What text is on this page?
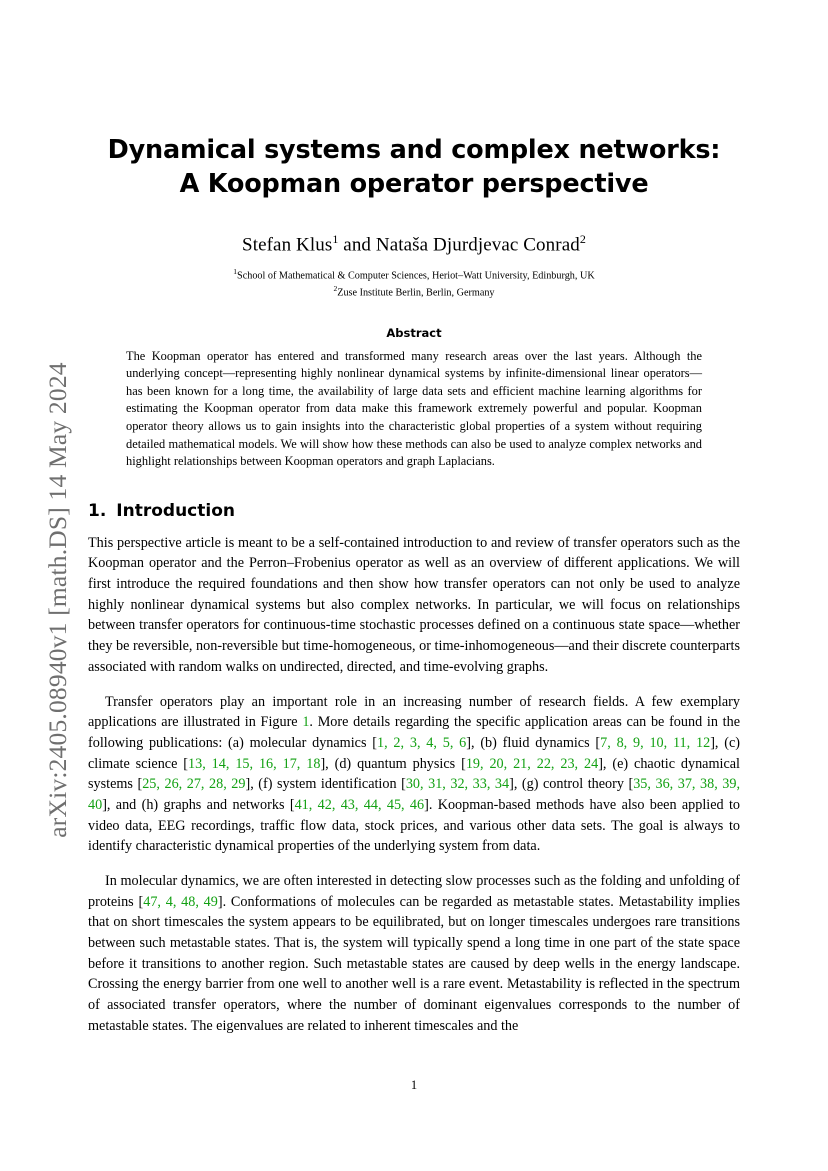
arXiv:2405.08940v1 [math.DS] 14 May 2024
Dynamical systems and complex networks:
A Koopman operator perspective
Stefan Klus$^1$ and Nataša Djurdjevac Conrad$^2$
$^1$School of Mathematical & Computer Sciences, Heriot–Watt University, Edinburgh, UK
$^2$Zuse Institute Berlin, Berlin, Germany
Abstract
The Koopman operator has entered and transformed many research areas over the last years. Although the underlying concept—representing highly nonlinear dynamical systems by infinite-dimensional linear operators—has been known for a long time, the availability of large data sets and efficient machine learning algorithms for estimating the Koopman operator from data make this framework extremely powerful and popular. Koopman operator theory allows us to gain insights into the characteristic global properties of a system without requiring detailed mathematical models. We will show how these methods can also be used to analyze complex networks and highlight relationships between Koopman operators and graph Laplacians.
1. Introduction

This perspective article is meant to be a self-contained introduction to and review of transfer operators such as the Koopman operator and the Perron–Frobenius operator as well as an overview of different applications. We will first introduce the required foundations and then show how transfer operators can not only be used to analyze highly nonlinear dynamical systems but also complex networks. In particular, we will focus on relationships between transfer operators for continuous-time stochastic processes defined on a continuous state space—whether they be reversible, non-reversible but time-homogeneous, or time-inhomogeneous—and their discrete counterparts associated with random walks on undirected, directed, and time-evolving graphs.

Transfer operators play an important role in an increasing number of research fields. A few exemplary applications are illustrated in Figure 1. More details regarding the specific application areas can be found in the following publications: (a) molecular dynamics [1, 2, 3, 4, 5, 6], (b) fluid dynamics [7, 8, 9, 10, 11, 12], (c) climate science [13, 14, 15, 16, 17, 18], (d) quantum physics [19, 20, 21, 22, 23, 24], (e) chaotic dynamical systems [25, 26, 27, 28, 29], (f) system identification [30, 31, 32, 33, 34], (g) control theory [35, 36, 37, 38, 39, 40], and (h) graphs and networks [41, 42, 43, 44, 45, 46]. Koopman-based methods have also been applied to video data, EEG recordings, traffic flow data, stock prices, and various other data sets. The goal is always to identify characteristic dynamical properties of the underlying system from data.

In molecular dynamics, we are often interested in detecting slow processes such as the folding and unfolding of proteins [47, 4, 48, 49]. Conformations of molecules can be regarded as metastable states. Metastability implies that on short timescales the system appears to be equilibrated, but on longer timescales undergoes rare transitions between such metastable states. That is, the system will typically spend a long time in one part of the state space before it transitions to another region. Such metastable states are caused by deep wells in the energy landscape. Crossing the energy barrier from one well to another well is a rare event. Metastability is reflected in the spectrum of associated transfer operators, where the number of dominant eigenvalues corresponds to the number of metastable states. The eigenvalues are related to inherent timescales and the

1
